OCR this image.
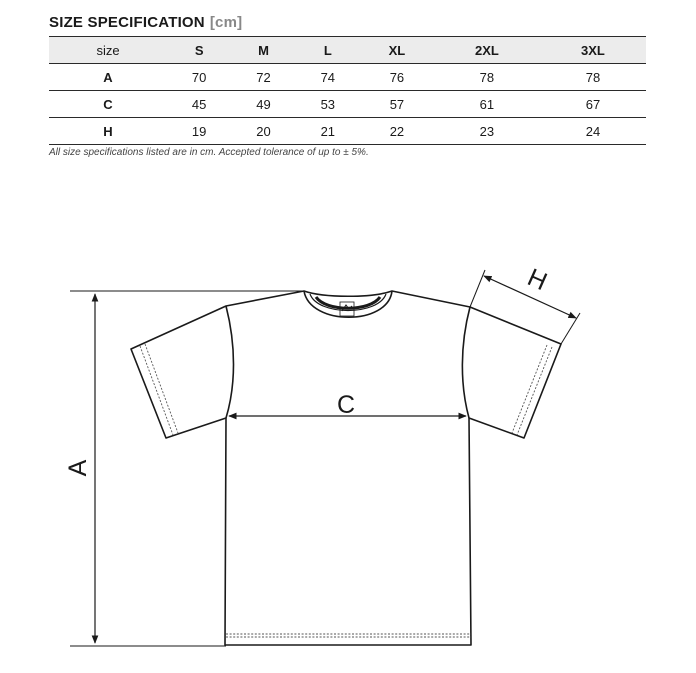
SIZE SPECIFICATION [cm]
size	S	M	L	XL	2XL	3XL
A	70	72	74	76	78	78
C	45	49	53	57	61	67
H	19	20	21	22	23	24
All size specifications listed are in cm. Accepted tolerance of up to ± 5%.
A
C
H
